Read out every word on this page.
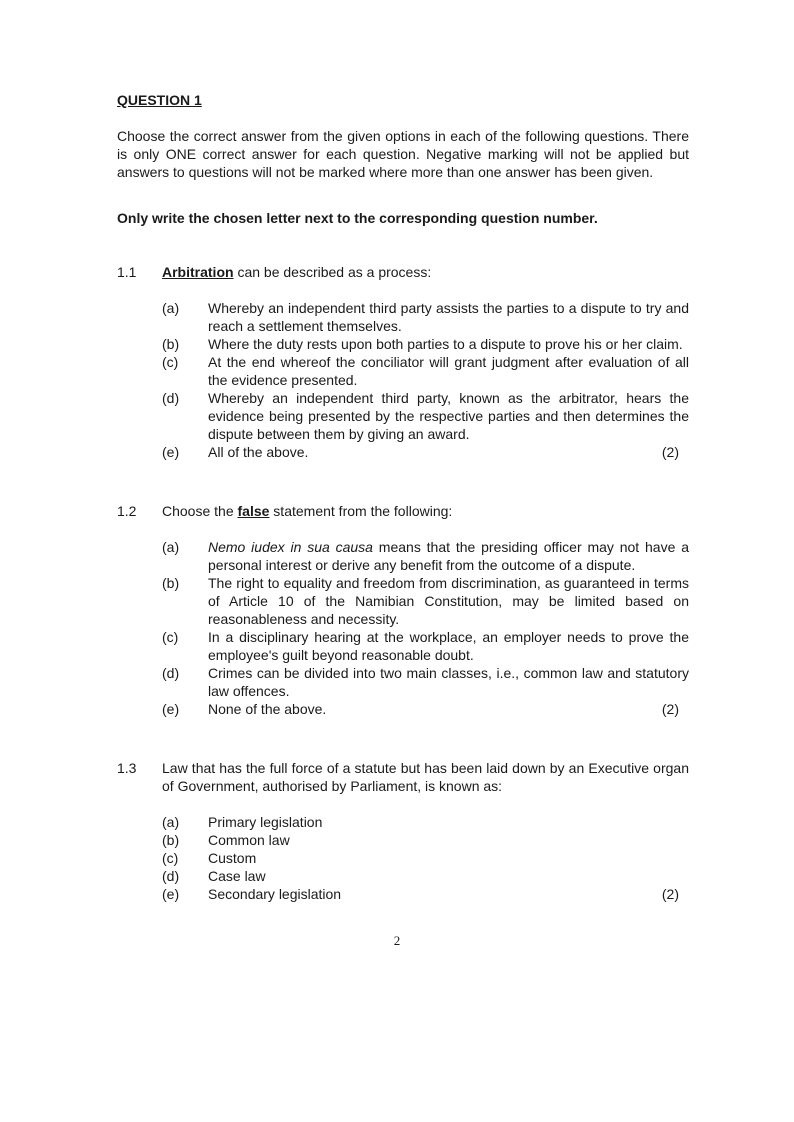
QUESTION 1
Choose the correct answer from the given options in each of the following questions. There is only ONE correct answer for each question. Negative marking will not be applied but answers to questions will not be marked where more than one answer has been given.
Only write the chosen letter next to the corresponding question number.
1.1	Arbitration can be described as a process:
(a)	Whereby an independent third party assists the parties to a dispute to try and reach a settlement themselves.
(b)	Where the duty rests upon both parties to a dispute to prove his or her claim.
(c)	At the end whereof the conciliator will grant judgment after evaluation of all the evidence presented.
(d)	Whereby an independent third party, known as the arbitrator, hears the evidence being presented by the respective parties and then determines the dispute between them by giving an award.
(e)	All of the above.	(2)
1.2	Choose the false statement from the following:
(a)	Nemo iudex in sua causa means that the presiding officer may not have a personal interest or derive any benefit from the outcome of a dispute.
(b)	The right to equality and freedom from discrimination, as guaranteed in terms of Article 10 of the Namibian Constitution, may be limited based on reasonableness and necessity.
(c)	In a disciplinary hearing at the workplace, an employer needs to prove the employee's guilt beyond reasonable doubt.
(d)	Crimes can be divided into two main classes, i.e., common law and statutory law offences.
(e)	None of the above.	(2)
1.3	Law that has the full force of a statute but has been laid down by an Executive organ of Government, authorised by Parliament, is known as:
(a)	Primary legislation
(b)	Common law
(c)	Custom
(d)	Case law
(e)	Secondary legislation	(2)
2
